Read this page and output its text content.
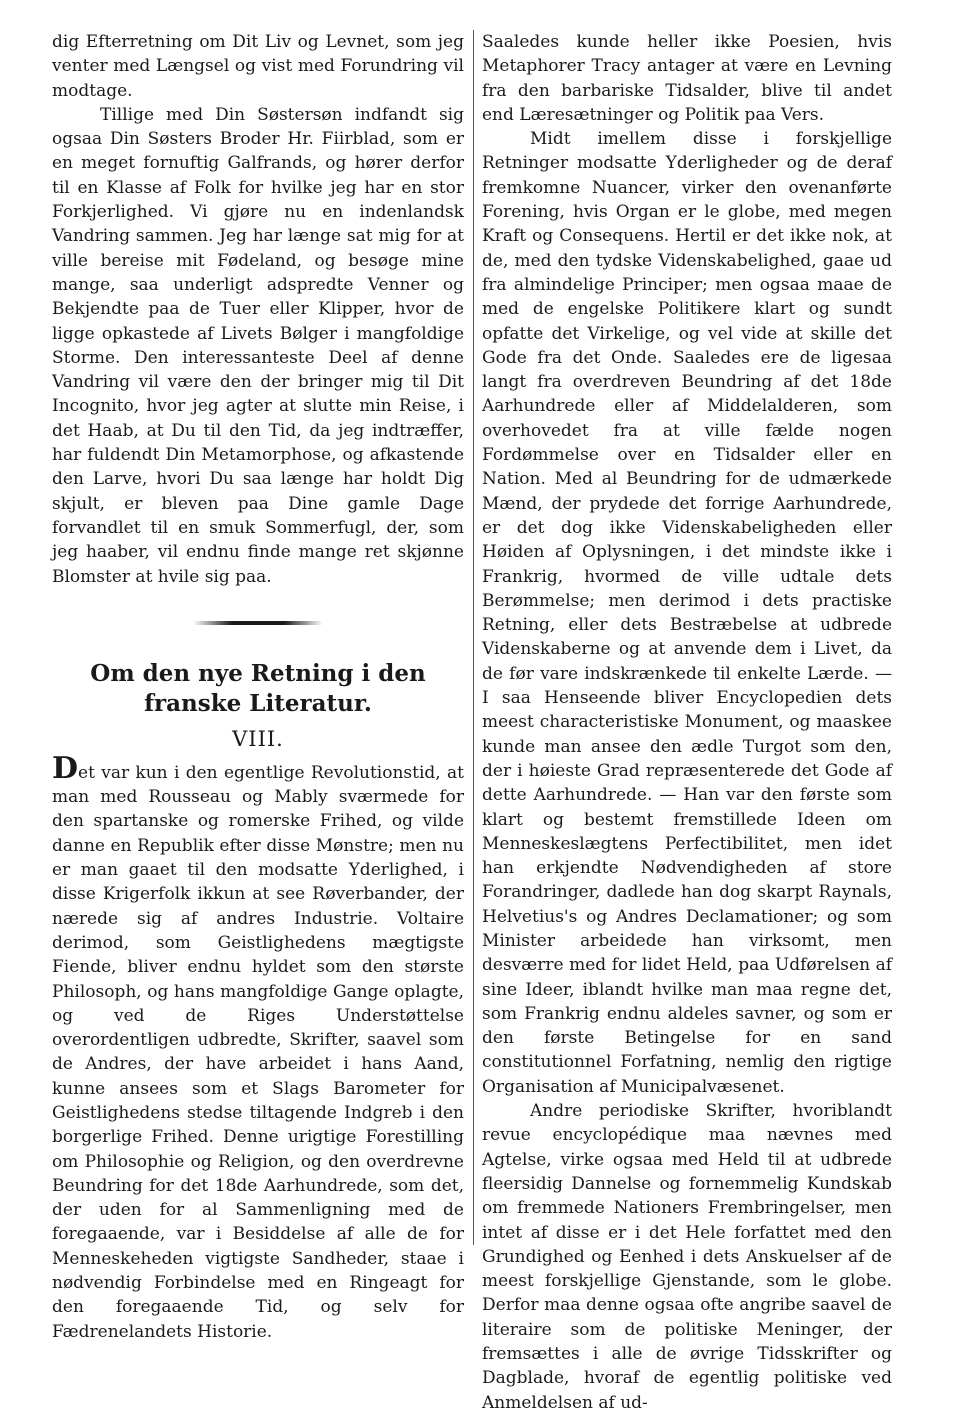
dig Efterretning om Dit Liv og Levnet, som jeg venter med Længsel og vist med Forundring vil modtage.

Tillige med Din Søstersøn indfandt sig ogsaa Din Søsters Broder Hr. Fiirblad, som er en meget fornuftig Galfrands, og hører derfor til en Klasse af Folk for hvilke jeg har en stor Forkjerlighed. Vi gjøre nu en indenlandsk Vandring sammen. Jeg har længe sat mig for at ville bereise mit Fødeland, og besøge mine mange, saa underligt adspredte Venner og Bekjendte paa de Tuer eller Klipper, hvor de ligge opkastede af Livets Bølger i mangfoldige Storme. Den interessanteste Deel af denne Vandring vil være den der bringer mig til Dit Incognito, hvor jeg agter at slutte min Reise, i det Haab, at Du til den Tid, da jeg indtræffer, har fuldendt Din Metamorphose, og afkastende den Larve, hvori Du saa længe har holdt Dig skjult, er bleven paa Dine gamle Dage forvandlet til en smuk Sommerfugl, der, som jeg haaber, vil endnu finde mange ret skjønne Blomster at hvile sig paa.

Om den nye Retning i den franske Literatur.
VIII.

Det var kun i den egentlige Revolutionstid, at man med Rousseau og Mably sværmede for den spartanske og romerske Frihed, og vilde danne en Republik efter disse Mønstre; men nu er man gaaet til den modsatte Yderlighed, i disse Krigerfolk ikkun at see Røverbander, der nærede sig af andres Industrie. Voltaire derimod, som Geistlighedens mægtigste Fiende, bliver endnu hyldet som den største Philosoph, og hans mangfoldige Gange oplagte, og ved de Riges Understøttelse overordentligen udbredte, Skrifter, saavel som de Andres, der have arbeidet i hans Aand, kunne ansees som et Slags Barometer for Geistlighedens stedse tiltagende Indgreb i den borgerlige Frihed. Denne urigtige Forestilling om Philosophie og Religion, og den overdrevne Beundring for det 18de Aarhundrede, som det, der uden for al Sammenligning med de foregaaende, var i Besiddelse af alle de for Menneskeheden vigtigste Sandheder, staae i nødvendig Forbindelse med en Ringeagt for den foregaaende Tid, og selv for Fædrenelandets Historie.

Saaledes kunde heller ikke Poesien, hvis Metaphorer Tracy antager at være en Levning fra den barbariske Tidsalder, blive til andet end Læresætninger og Politik paa Vers.

Midt imellem disse i forskjellige Retninger modsatte Yderligheder og de deraf fremkomne Nuancer, virker den ovenanførte Forening, hvis Organ er le globe, med megen Kraft og Consequens. Hertil er det ikke nok, at de, med den tydske Videnskabelighed, gaae ud fra almindelige Principer; men ogsaa maae de med de engelske Politikere klart og sundt opfatte det Virkelige, og vel vide at skille det Gode fra det Onde. Saaledes ere de ligesaa langt fra overdreven Beundring af det 18de Aarhundrede eller af Middelalderen, som overhovedet fra at ville fælde nogen Fordømmelse over en Tidsalder eller en Nation. Med al Beundring for de udmærkede Mænd, der prydede det forrige Aarhundrede, er det dog ikke Videnskabeligheden eller Høiden af Oplysningen, i det mindste ikke i Frankrig, hvormed de ville udtale dets Berømmelse; men derimod i dets practiske Retning, eller dets Bestræbelse at udbrede Videnskaberne og at anvende dem i Livet, da de før vare indskrænkede til enkelte Lærde. — I saa Henseende bliver Encyclopedien dets meest characteristiske Monument, og maaskee kunde man ansee den ædle Turgot som den, der i høieste Grad repræsenterede det Gode af dette Aarhundrede. — Han var den første som klart og bestemt fremstillede Ideen om Menneskeslægtens Perfectibilitet, men idet han erkjendte Nødvendigheden af store Forandringer, dadlede han dog skarpt Raynals, Helvetius's og Andres Declamationer; og som Minister arbeidede han virksomt, men desværre med for lidet Held, paa Udførelsen af sine Ideer, iblandt hvilke man maa regne det, som Frankrig endnu aldeles savner, og som er den første Betingelse for en sand constitutionnel Forfatning, nemlig den rigtige Organisation af Municipalvæsenet.

Andre periodiske Skrifter, hvoriblandt revue encyclopédique maa nævnes med Agtelse, virke ogsaa med Held til at udbrede fleersidig Dannelse og fornemmelig Kundskab om fremmede Nationers Frembringelser, men intet af disse er i det Hele forfattet med den Grundighed og Eenhed i dets Anskuelser af de meest forskjellige Gjenstande, som le globe. Derfor maa denne ogsaa ofte angribe saavel de literaire som de politiske Meninger, der fremsættes i alle de øvrige Tidsskrifter og Dagblade, hvoraf de egentlig politiske ved Anmeldelsen af ud-
